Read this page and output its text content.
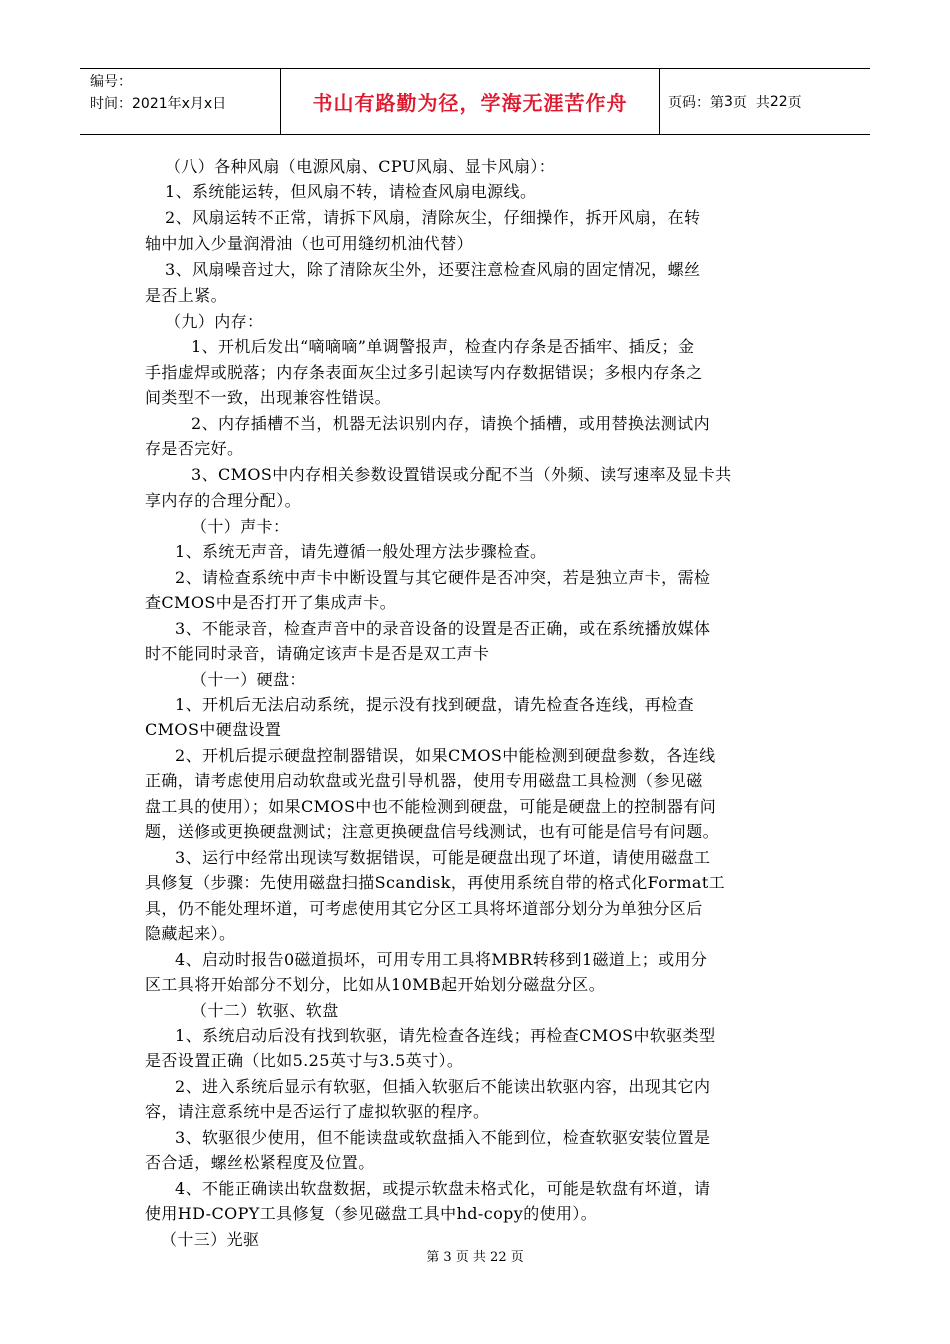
编号：
时间：2021年x月x日	书山有路勤为径，学海无涯苦作舟	页码：第 3 页  共 22 页
（八）各种风扇（电源风扇、CPU风扇、显卡风扇）：
1、系统能运转，但风扇不转，请检查风扇电源线。
2、风扇运转不正常，请拆下风扇，清除灰尘，仔细操作，拆开风扇，在转
轴中加入少量润滑油（也可用缝纫机油代替）
3、风扇噪音过大，除了清除灰尘外，还要注意检查风扇的固定情况，螺丝
是否上紧。
（九）内存：
1、开机后发出“嘀嘀嘀”单调警报声，检查内存条是否插牢、插反；金
手指虚焊或脱落；内存条表面灰尘过多引起读写内存数据错误；多根内存条之
间类型不一致，出现兼容性错误。
2、内存插槽不当，机器无法识别内存，请换个插槽，或用替换法测试内
存是否完好。
3、CMOS中内存相关参数设置错误或分配不当（外频、读写速率及显卡共
享内存的合理分配）。
（十）声卡：
1、系统无声音，请先遵循一般处理方法步骤检查。
2、请检查系统中声卡中断设置与其它硬件是否冲突，若是独立声卡，需检
查CMOS中是否打开了集成声卡。
3、不能录音，检查声音中的录音设备的设置是否正确，或在系统播放媒体
时不能同时录音，请确定该声卡是否是双工声卡
（十一）硬盘：
1、开机后无法启动系统，提示没有找到硬盘，请先检查各连线，再检查
CMOS中硬盘设置
2、开机后提示硬盘控制器错误，如果CMOS中能检测到硬盘参数，各连线
正确，请考虑使用启动软盘或光盘引导机器，使用专用磁盘工具检测（参见磁
盘工具的使用）；如果CMOS中也不能检测到硬盘，可能是硬盘上的控制器有问
题，送修或更换硬盘测试；注意更换硬盘信号线测试，也有可能是信号有问题。
3、运行中经常出现读写数据错误，可能是硬盘出现了坏道，请使用磁盘工
具修复（步骤：先使用磁盘扫描Scandisk，再使用系统自带的格式化Format工
具，仍不能处理坏道，可考虑使用其它分区工具将坏道部分划分为单独分区后
隐藏起来）。
4、启动时报告0磁道损坏，可用专用工具将MBR转移到1磁道上；或用分
区工具将开始部分不划分，比如从10MB起开始划分磁盘分区。
（十二）软驱、软盘
1、系统启动后没有找到软驱，请先检查各连线；再检查CMOS中软驱类型
是否设置正确（比如5.25英寸与3.5英寸）。
2、进入系统后显示有软驱，但插入软驱后不能读出软驱内容，出现其它内
容，请注意系统中是否运行了虚拟软驱的程序。
3、软驱很少使用，但不能读盘或软盘插入不能到位，检查软驱安装位置是
否合适，螺丝松紧程度及位置。
4、不能正确读出软盘数据，或提示软盘未格式化，可能是软盘有坏道，请
使用HD-COPY工具修复（参见磁盘工具中hd-copy的使用）。
（十三）光驱
第 3 页 共 22 页
